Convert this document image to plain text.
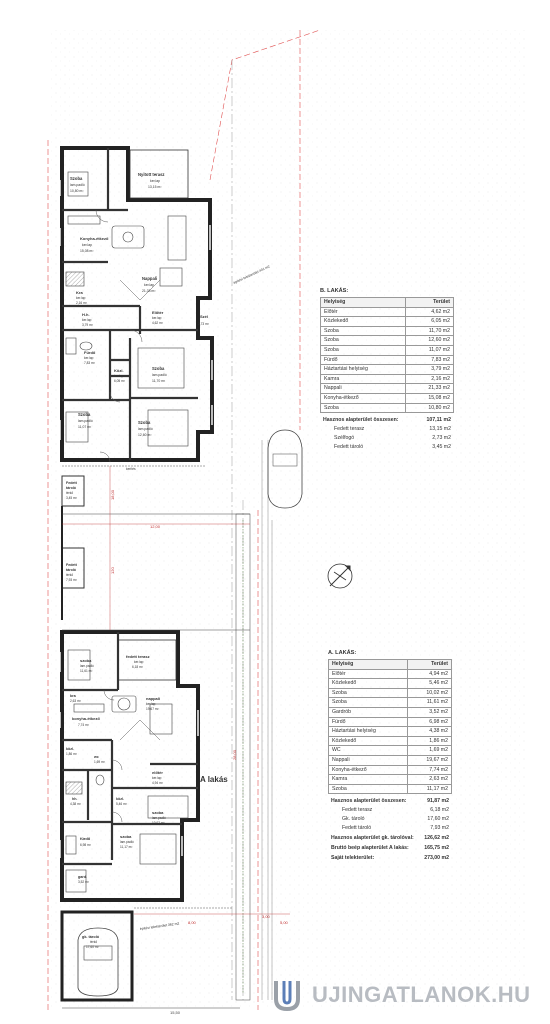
Szoba
lam.padló
10,80 m²
Nyitott terasz
ker.lap
13,15 m²
Konyha-étkező
ker.lap
15,08 m²
Nappali
ker.lap
21,33 m²
Kra
ker.lap
2,16 m²
Előtér
ker.lap
4,62 m²
Szél
2,73 m²
H.h.
ker.lap
3,79 m²
Fürdő
ker.lap
7,83 m²
Közl.
ker.lap
6,05 m²
Szoba
lam.padló
11,70 m²
Szoba
lam.padló
11,07 m²
Szoba
lam.padló
12,60 m²
Fedett
tároló
térkő
3,45 m²
Fedett
tároló
térkő
7,93 m²
kerítés
építési telekterület 441 m2
szoba
lam.padló
11,61 m²
fedett terasz
ker.lap
6,18 m²
kra
2,63 m²
konyha-étkező
7,74 m²
nappali
ker.lap
19,67 m²
közl.
1,86 m²
wc
1,69 m²
hh.
4,38 m²
előtér
ker.lap
4,94 m²	A lakás
közl.
5,46 m²
szoba
lam.padló
10,02 m²
fürdő
6,98 m²
szoba
lam.padló
11,17 m²
gard.
3,52 m²
gk. tároló
térkő
17,60 m²
építési telekterület 362 m2
12,00
18,00
3,00
8,00
15,50
120
28,00
5,00
B. LAKÁS:
Helyiség	Terület
Előtér	4,62 m2
Közlekedő	6,05 m2
Szoba	11,70 m2
Szoba	12,60 m2
Szoba	11,07 m2
Fürdő	7,83 m2
Háztartási helyiség	3,79 m2
Kamra	2,16 m2
Nappali	21,33 m2
Konyha-étkező	15,08 m2
Szoba	10,80 m2
Hasznos alapterület összesen:	107,11 m2
Fedett terasz	13,15 m2
Szélfogó	2,73 m2
Fedett tároló	3,45 m2
A. LAKÁS:
Helyiség	Terület
Előtér	4,94 m2
Közlekedő	5,46 m2
Szoba	10,02 m2
Szoba	11,61 m2
Gardrób	3,52 m2
Fürdő	6,98 m2
Háztartási helyiség	4,38 m2
Közlekedő	1,86 m2
WC	1,69 m2
Nappali	19,67 m2
Konyha-étkező	7,74 m2
Kamra	2,63 m2
Szoba	11,17 m2
Hasznos alapterület összesen:	91,87 m2
Fedett terasz	6,18 m2
Gk. tároló	17,60 m2
Fedett tároló	7,93 m2
Hasznos alapterület gk. tárolóval: 126,62 m2
Bruttó beép alapterület A lakás:	165,75 m2
Saját telekterület:	273,00 m2
UJINGATLANOK.HU
